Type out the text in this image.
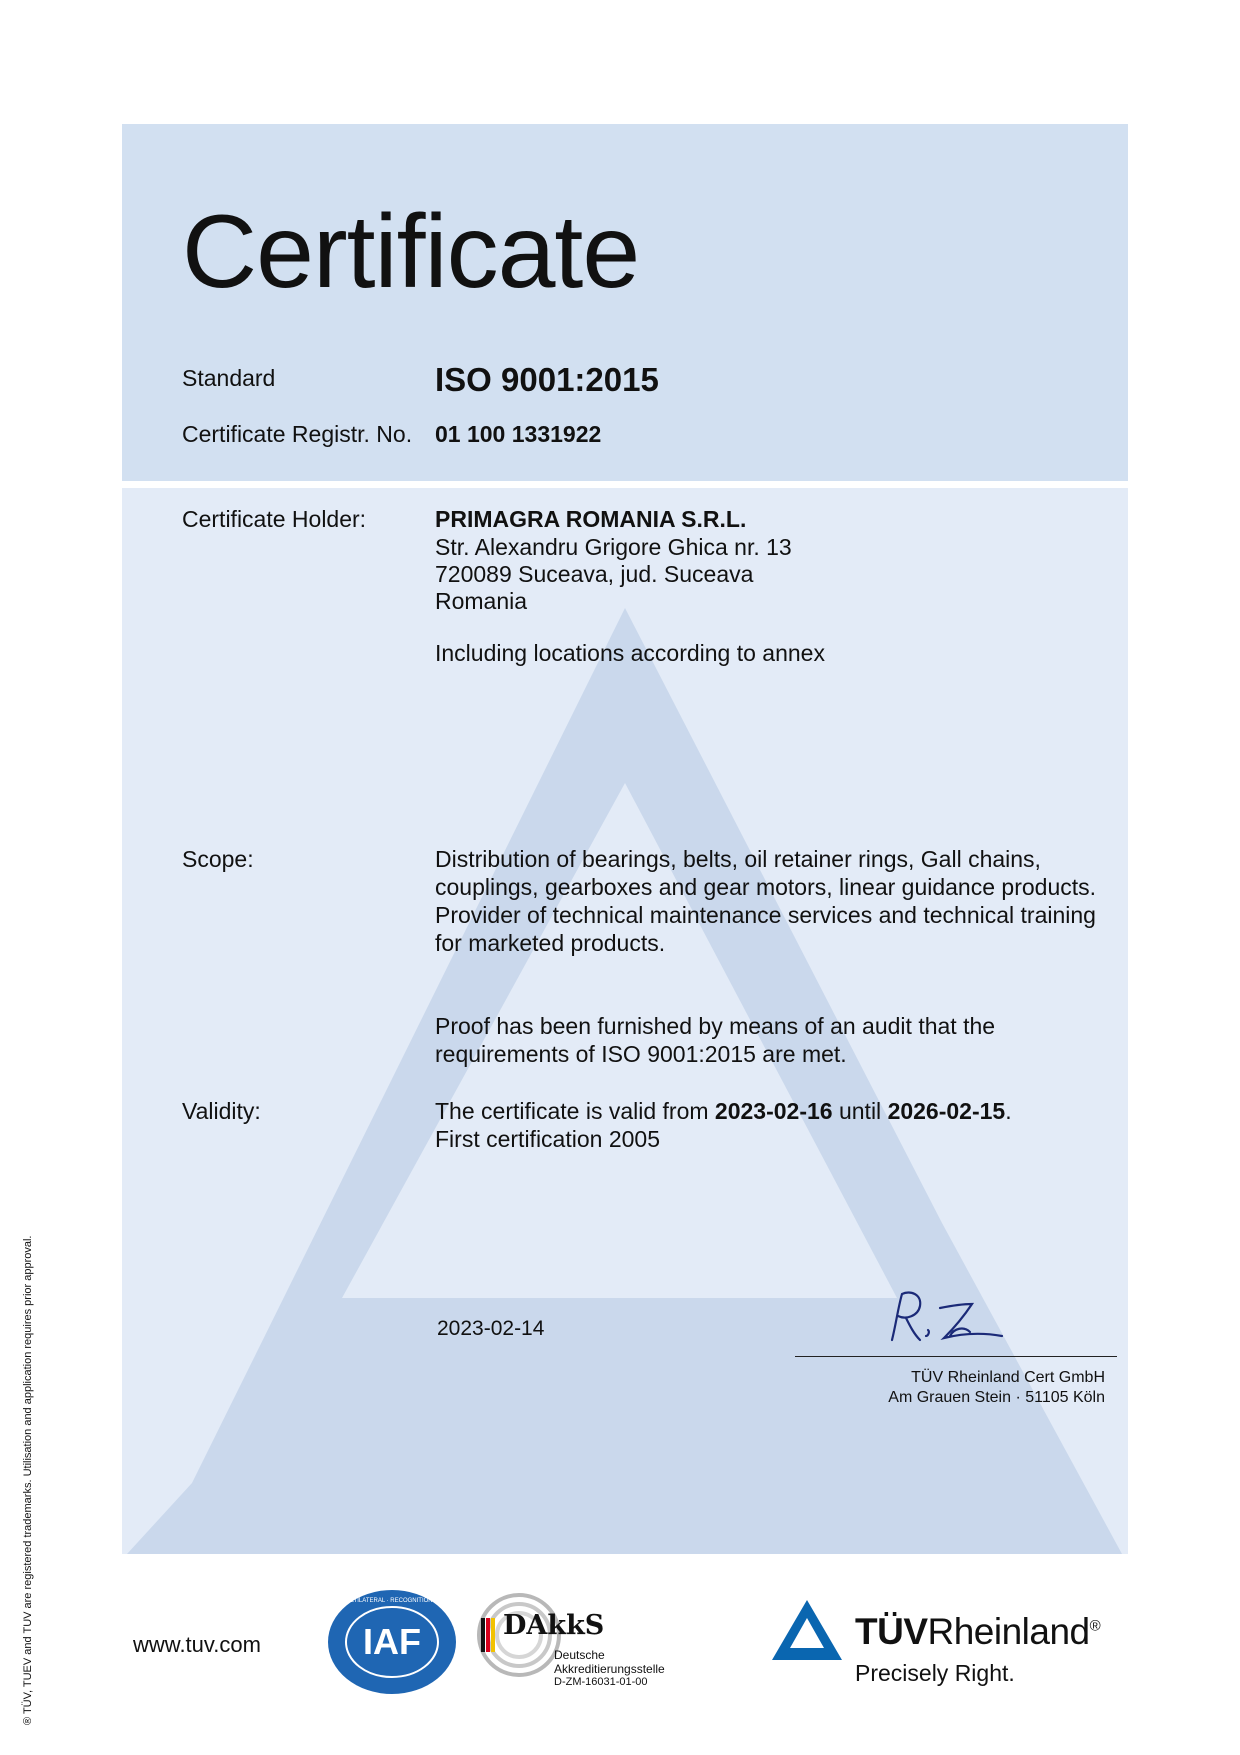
Certificate
Standard	ISO 9001:2015
Certificate Registr. No. 01 100 1331922
Certificate Holder:	PRIMAGRA ROMANIA S.R.L.
Str. Alexandru Grigore Ghica nr. 13
720089 Suceava, jud. Suceava
Romania
Including locations according to annex
Scope:	Distribution of bearings, belts, oil retainer rings, Gall chains,
couplings, gearboxes and gear motors, linear guidance products.
Provider of technical maintenance services and technical training
for marketed products.
Proof has been furnished by means of an audit that the
requirements of ISO 9001:2015 are met.
Validity:	The certificate is valid from 2023-02-16 until 2026-02-15.
First certification 2005
2023-02-14
TÜV Rheinland Cert GmbH
Am Grauen Stein · 51105 Köln
® TÜV, TUEV and TUV are registered trademarks. Utilisation and application requires prior approval.	www.tuv.com	IAF
MEMBER OF MULTILATERAL · RECOGNITION ARRANGEMENT
DAkkS
Deutsche
Akkreditierungsstelle
D-ZM-16031-01-00
TÜVRheinland®
Precisely Right.
